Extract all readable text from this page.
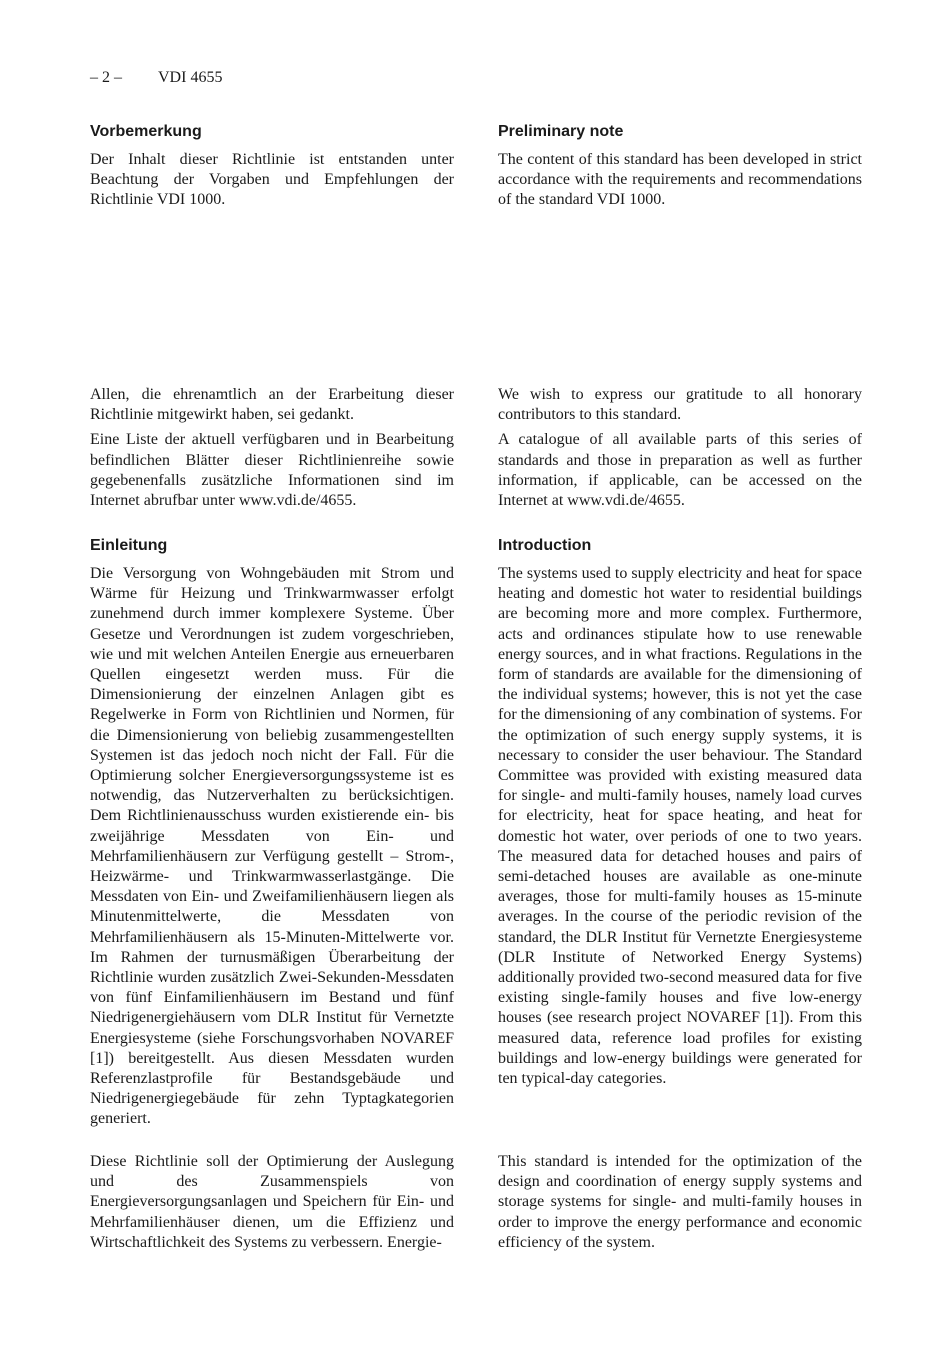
– 2 – VDI 4655
Vorbemerkung

Der Inhalt dieser Richtlinie ist entstanden unter Beachtung der Vorgaben und Empfehlungen der Richtlinie VDI 1000.

Preliminary note

The content of this standard has been developed in strict accordance with the requirements and recommendations of the standard VDI 1000.

Allen, die ehrenamtlich an der Erarbeitung dieser Richtlinie mitgewirkt haben, sei gedankt.

Eine Liste der aktuell verfügbaren und in Bearbeitung befindlichen Blätter dieser Richtlinienreihe sowie gegebenenfalls zusätzliche Informationen sind im Internet abrufbar unter www.vdi.de/4655.

We wish to express our gratitude to all honorary contributors to this standard.

A catalogue of all available parts of this series of standards and those in preparation as well as further information, if applicable, can be accessed on the Internet at www.vdi.de/4655.

Einleitung

Die Versorgung von Wohngebäuden mit Strom und Wärme für Heizung und Trinkwarmwasser erfolgt zunehmend durch immer komplexere Systeme. Über Gesetze und Verordnungen ist zudem vorgeschrieben, wie und mit welchen Anteilen Energie aus erneuerbaren Quellen eingesetzt werden muss. Für die Dimensionierung der einzelnen Anlagen gibt es Regelwerke in Form von Richtlinien und Normen, für die Dimensionierung von beliebig zusammengestellten Systemen ist das jedoch noch nicht der Fall. Für die Optimierung solcher Energieversorgungssysteme ist es notwendig, das Nutzerverhalten zu berücksichtigen. Dem Richtlinienausschuss wurden existierende ein- bis zweijährige Messdaten von Ein- und Mehrfamilienhäusern zur Verfügung gestellt – Strom-, Heizwärme- und Trinkwarmwasserlastgänge. Die Messdaten von Ein- und Zweifamilienhäusern liegen als Minutenmittelwerte, die Messdaten von Mehrfamilienhäusern als 15-Minuten-Mittelwerte vor. Im Rahmen der turnusmäßigen Überarbeitung der Richtlinie wurden zusätzlich Zwei-Sekunden-Messdaten von fünf Einfamilienhäusern im Bestand und fünf Niedrigenergiehäusern vom DLR Institut für Vernetzte Energiesysteme (siehe Forschungsvorhaben NOVAREF [1]) bereitgestellt. Aus diesen Messdaten wurden Referenzlastprofile für Bestandsgebäude und Niedrigenergiegebäude für zehn Typtagkategorien generiert.

Introduction

The systems used to supply electricity and heat for space heating and domestic hot water to residential buildings are becoming more and more complex. Furthermore, acts and ordinances stipulate how to use renewable energy sources, and in what fractions. Regulations in the form of standards are available for the dimensioning of the individual systems; however, this is not yet the case for the dimensioning of any combination of systems. For the optimization of such energy supply systems, it is necessary to consider the user behaviour. The Standard Committee was provided with existing measured data for single- and multi-family houses, namely load curves for electricity, heat for space heating, and heat for domestic hot water, over periods of one to two years. The measured data for detached houses and pairs of semi-detached houses are available as one-minute averages, those for multi-family houses as 15-minute averages. In the course of the periodic revision of the standard, the DLR Institut für Vernetzte Energiesysteme (DLR Institute of Networked Energy Systems) additionally provided two-second measured data for five existing single-family houses and five low-energy houses (see research project NOVAREF [1]). From this measured data, reference load profiles for existing buildings and low-energy buildings were generated for ten typical-day categories.

Diese Richtlinie soll der Optimierung der Auslegung und des Zusammenspiels von Energieversorgungsanlagen und Speichern für Ein- und Mehrfamilienhäuser dienen, um die Effizienz und Wirtschaftlichkeit des Systems zu verbessern. Energie-

This standard is intended for the optimization of the design and coordination of energy supply systems and storage systems for single- and multi-family houses in order to improve the energy performance and economic efficiency of the system.
